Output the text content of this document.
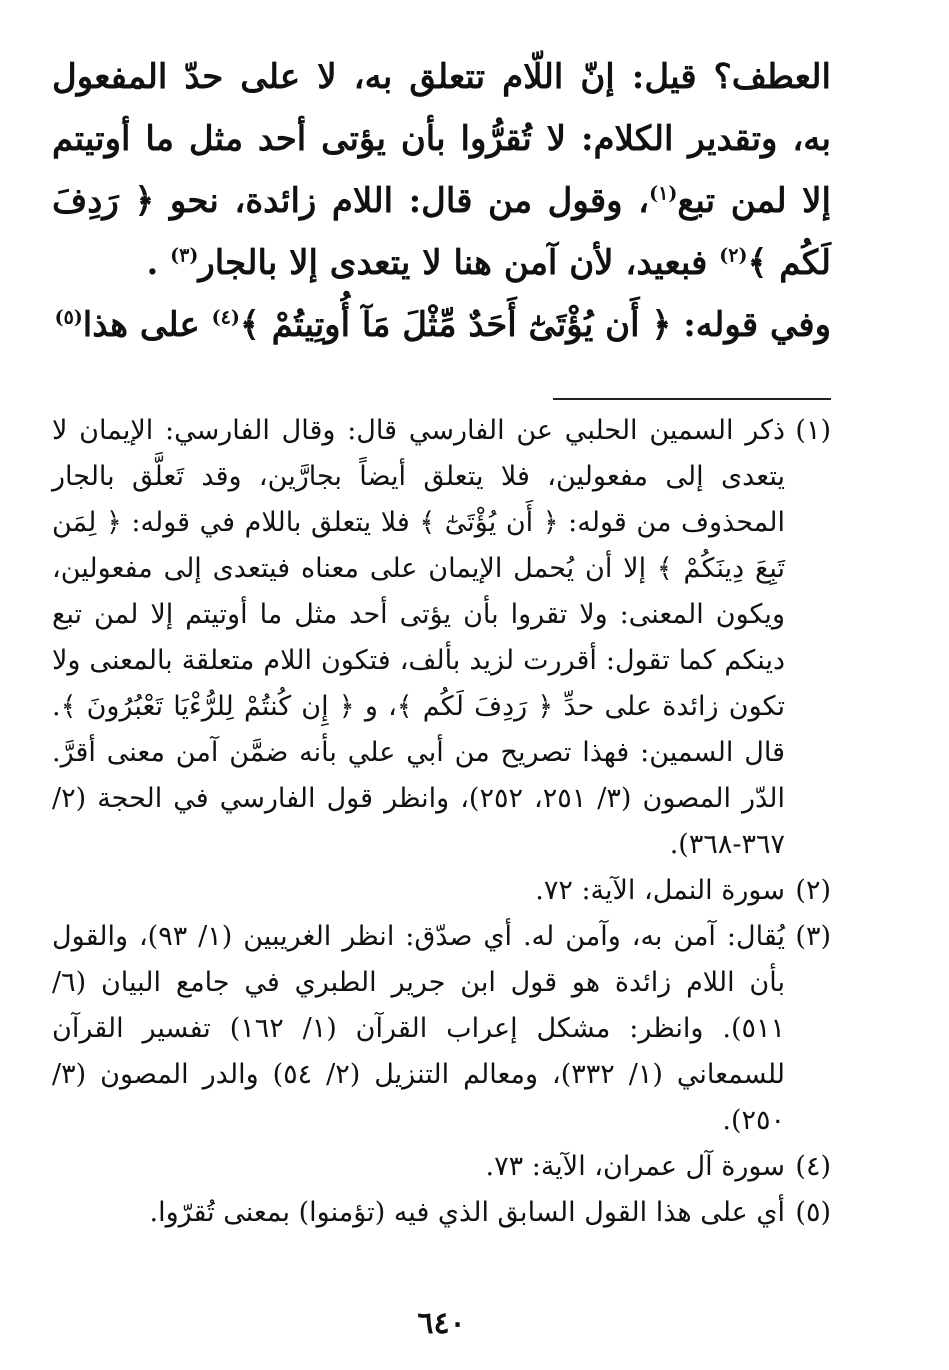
العطف؟ قيل: إنّ اللّام تتعلق به، لا على حدّ المفعول به، وتقدير الكلام: لا تُقرُّوا بأن يؤتى أحد مثل ما أوتيتم إلا لمن تبع$^{(١)}$، وقول من قال: اللام زائدة، نحو ﴿ رَدِفَ لَكُم ﴾$^{(٢)}$ فبعيد، لأن آمن هنا لا يتعدى إلا بالجار$^{(٣)}$ .

وفي قوله: ﴿ أَن يُؤْتَىٰٓ أَحَدٌ مِّثْلَ مَآ أُوتِيتُمْ ﴾$^{(٤)}$ على هذا$^{(٥)}$

(١)
ذكر السمين الحلبي عن الفارسي قال: وقال الفارسي: الإيمان لا يتعدى إلى مفعولين، فلا يتعلق أيضاً بجارَّين، وقد تَعلَّق بالجار المحذوف من قوله: ﴿ أَن يُؤْتَىٰٓ ﴾ فلا يتعلق باللام في قوله: ﴿ لِمَن تَبِعَ دِينَكُمْ ﴾ إلا أن يُحمل الإيمان على معناه فيتعدى إلى مفعولين، ويكون المعنى: ولا تقروا بأن يؤتى أحد مثل ما أوتيتم إلا لمن تبع دينكم كما تقول: أقررت لزيد بألف، فتكون اللام متعلقة بالمعنى ولا تكون زائدة على حدِّ ﴿ رَدِفَ لَكُم ﴾، و ﴿ إِن كُنتُمْ لِلرُّءْيَا تَعْبُرُونَ ﴾. قال السمين: فهذا تصريح من أبي علي بأنه ضمَّن آمن معنى أقرَّ. الدّر المصون (٣/ ٢٥١، ٢٥٢)، وانظر قول الفارسي في الحجة (٢/ ٣٦٧-٣٦٨).
(٢)
سورة النمل، الآية: ٧٢.
(٣)
يُقال: آمن به، وآمن له. أي صدّق: انظر الغريبين (١/ ٩٣)، والقول بأن اللام زائدة هو قول ابن جرير الطبري في جامع البيان (٦/ ٥١١). وانظر: مشكل إعراب القرآن (١/ ١٦٢) تفسير القرآن للسمعاني (١/ ٣٣٢)، ومعالم التنزيل (٢/ ٥٤) والدر المصون (٣/ ٢٥٠).
(٤)
سورة آل عمران، الآية: ٧٣.
(٥)
أي على هذا القول السابق الذي فيه (تؤمنوا) بمعنى تُقرّوا.
٦٤٠
